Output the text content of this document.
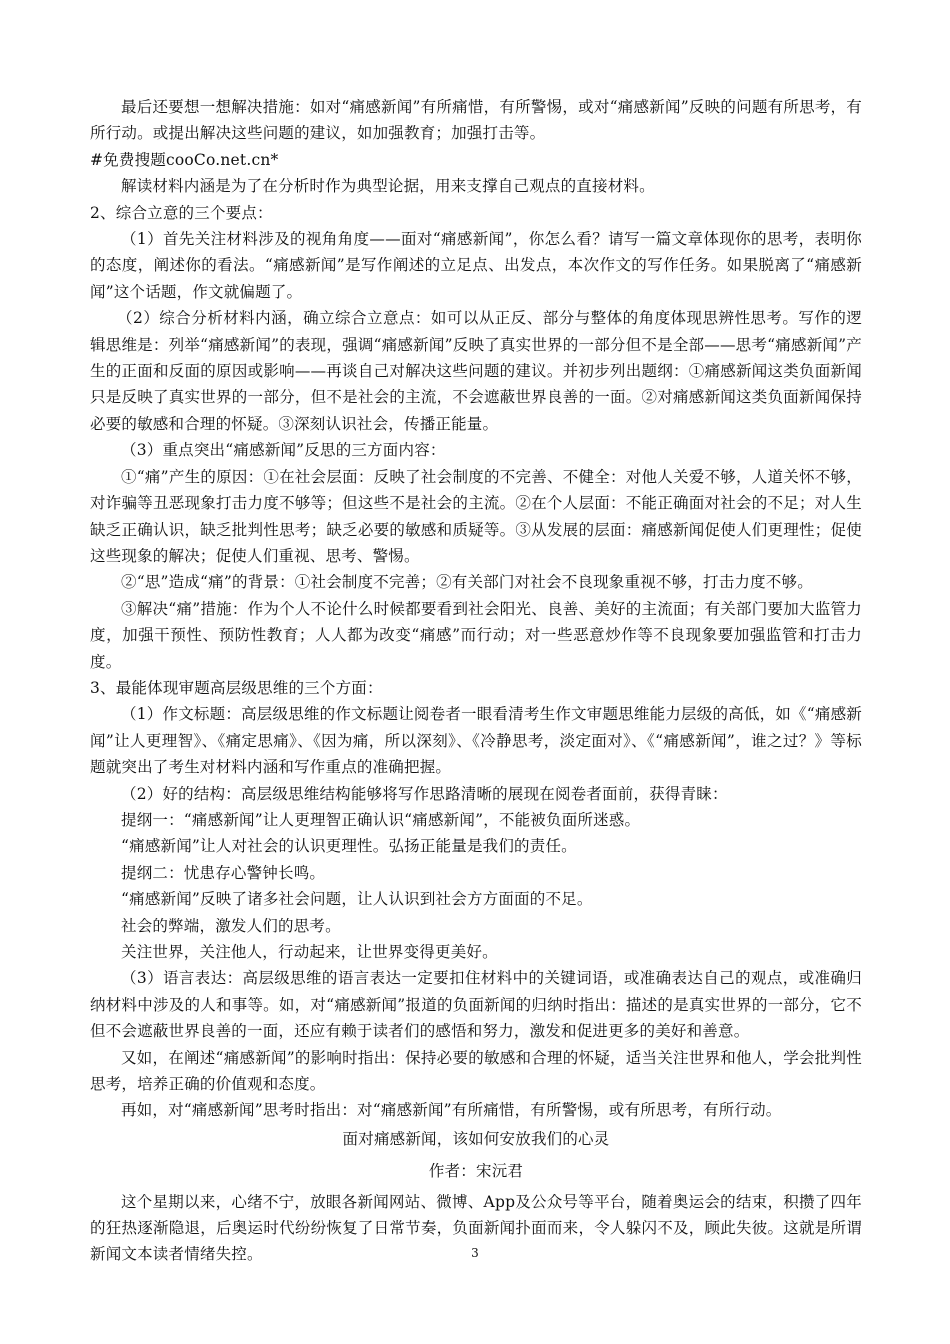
最后还要想一想解决措施：如对“痛感新闻”有所痛惜，有所警惕，或对“痛感新闻”反映的问题有所思考，有所行动。或提出解决这些问题的建议，如加强教育；加强打击等。

#免费搜题cooCo.net.cn*

解读材料内涵是为了在分析时作为典型论据，用来支撑自己观点的直接材料。

2、综合立意的三个要点：

（1）首先关注材料涉及的视角角度——面对“痛感新闻”，你怎么看？请写一篇文章体现你的思考，表明你的态度，阐述你的看法。“痛感新闻”是写作阐述的立足点、出发点，本次作文的写作任务。如果脱离了“痛感新闻”这个话题，作文就偏题了。

（2）综合分析材料内涵，确立综合立意点：如可以从正反、部分与整体的角度体现思辨性思考。写作的逻辑思维是：列举“痛感新闻”的表现，强调“痛感新闻”反映了真实世界的一部分但不是全部——思考“痛感新闻”产生的正面和反面的原因或影响——再谈自己对解决这些问题的建议。并初步列出题纲：①痛感新闻这类负面新闻只是反映了真实世界的一部分，但不是社会的主流，不会遮蔽世界良善的一面。②对痛感新闻这类负面新闻保持必要的敏感和合理的怀疑。③深刻认识社会，传播正能量。

（3）重点突出“痛感新闻”反思的三方面内容：

①“痛”产生的原因：①在社会层面：反映了社会制度的不完善、不健全：对他人关爱不够，人道关怀不够，对诈骗等丑恶现象打击力度不够等；但这些不是社会的主流。②在个人层面：不能正确面对社会的不足；对人生缺乏正确认识，缺乏批判性思考；缺乏必要的敏感和质疑等。③从发展的层面：痛感新闻促使人们更理性；促使这些现象的解决；促使人们重视、思考、警惕。

②“思”造成“痛”的背景：①社会制度不完善；②有关部门对社会不良现象重视不够，打击力度不够。

③解决“痛”措施：作为个人不论什么时候都要看到社会阳光、良善、美好的主流面；有关部门要加大监管力度，加强干预性、预防性教育；人人都为改变“痛感”而行动；对一些恶意炒作等不良现象要加强监管和打击力度。

3、最能体现审题高层级思维的三个方面：

（1）作文标题：高层级思维的作文标题让阅卷者一眼看清考生作文审题思维能力层级的高低，如《“痛感新闻”让人更理智》、《痛定思痛》、《因为痛，所以深刻》、《冷静思考，淡定面对》、《“痛感新闻”，谁之过？》等标题就突出了考生对材料内涵和写作重点的准确把握。

（2）好的结构：高层级思维结构能够将写作思路清晰的展现在阅卷者面前，获得青睐：

提纲一：“痛感新闻”让人更理智正确认识“痛感新闻”，不能被负面所迷惑。

“痛感新闻”让人对社会的认识更理性。弘扬正能量是我们的责任。

提纲二：忧患存心警钟长鸣。

“痛感新闻”反映了诸多社会问题，让人认识到社会方方面面的不足。

社会的弊端，激发人们的思考。

关注世界，关注他人，行动起来，让世界变得更美好。

（3）语言表达：高层级思维的语言表达一定要扣住材料中的关键词语，或准确表达自己的观点，或准确归纳材料中涉及的人和事等。如，对“痛感新闻”报道的负面新闻的归纳时指出：描述的是真实世界的一部分，它不但不会遮蔽世界良善的一面，还应有赖于读者们的感悟和努力，激发和促进更多的美好和善意。

又如，在阐述“痛感新闻”的影响时指出：保持必要的敏感和合理的怀疑，适当关注世界和他人，学会批判性思考，培养正确的价值观和态度。

再如，对“痛感新闻”思考时指出：对“痛感新闻”有所痛惜，有所警惕，或有所思考，有所行动。

面对痛感新闻，该如何安放我们的心灵

作者：宋沅君

这个星期以来，心绪不宁，放眼各新闻网站、微博、App及公众号等平台，随着奥运会的结束，积攒了四年的狂热逐渐隐退，后奥运时代纷纷恢复了日常节奏，负面新闻扑面而来，令人躲闪不及，顾此失彼。这就是所谓新闻文本读者情绪失控。	3
